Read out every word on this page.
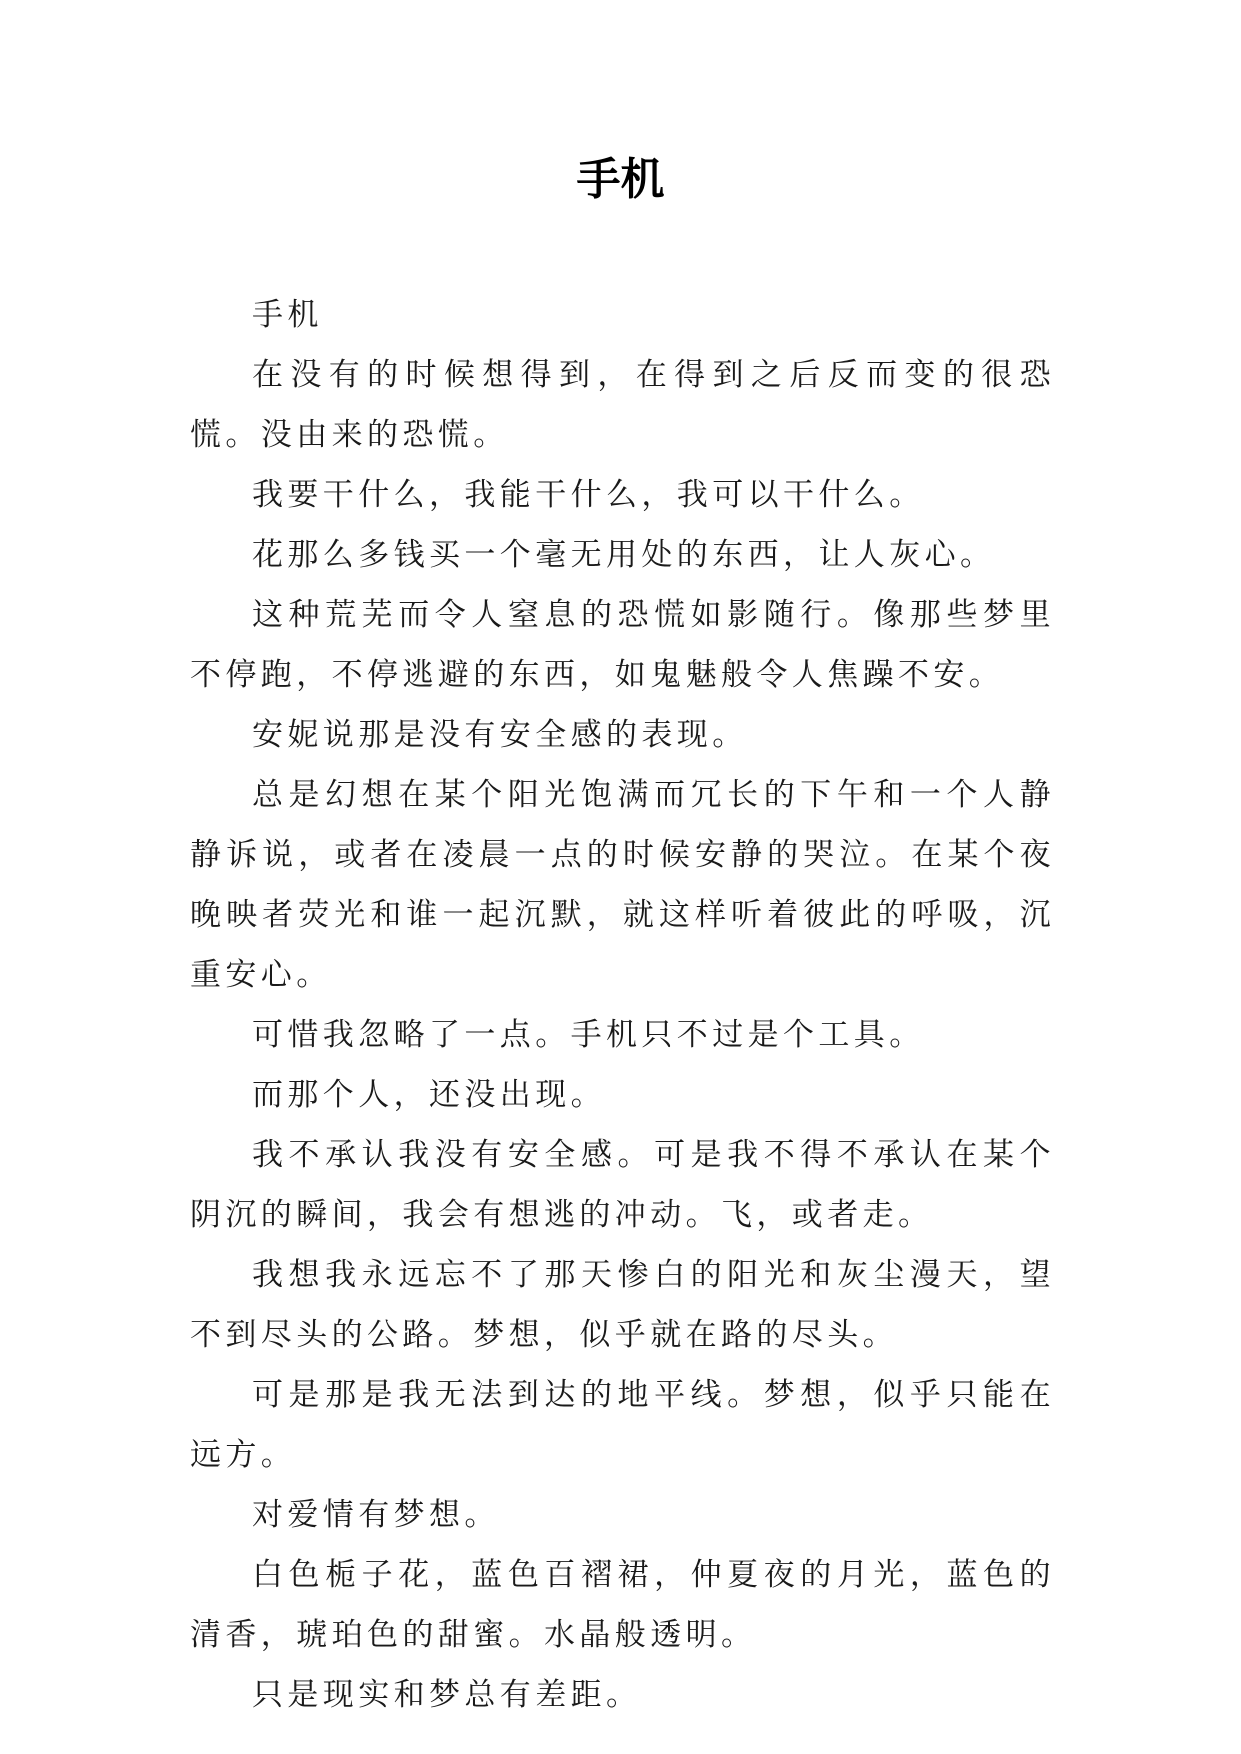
手机

手机

在没有的时候想得到，在得到之后反而变的很恐慌。没由来的恐慌。

我要干什么，我能干什么，我可以干什么。

花那么多钱买一个毫无用处的东西，让人灰心。

这种荒芜而令人窒息的恐慌如影随行。像那些梦里不停跑，不停逃避的东西，如鬼魅般令人焦躁不安。

安妮说那是没有安全感的表现。

总是幻想在某个阳光饱满而冗长的下午和一个人静静诉说，或者在凌晨一点的时候安静的哭泣。在某个夜晚映者荧光和谁一起沉默，就这样听着彼此的呼吸，沉重安心。

可惜我忽略了一点。手机只不过是个工具。

而那个人，还没出现。

我不承认我没有安全感。可是我不得不承认在某个阴沉的瞬间，我会有想逃的冲动。飞，或者走。

我想我永远忘不了那天惨白的阳光和灰尘漫天，望不到尽头的公路。梦想，似乎就在路的尽头。

可是那是我无法到达的地平线。梦想，似乎只能在远方。

对爱情有梦想。

白色栀子花，蓝色百褶裙，仲夏夜的月光，蓝色的清香，琥珀色的甜蜜。水晶般透明。

只是现实和梦总有差距。
